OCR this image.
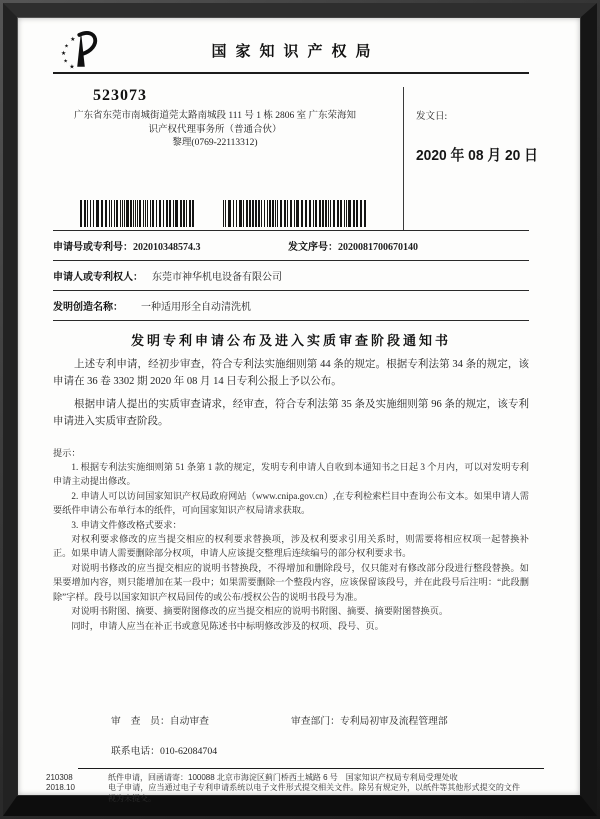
★
★
★
★
★
国家知识产权局
523073
广东省东莞市南城街道莞太路南城段 111 号 1 栋 2806 室 广东荣海知
识产权代理事务所（普通合伙）
黎理(0769-22113312)
发文日:
2020 年 08 月 20 日
申请号或专利号：202010348574.3	发文序号：2020081700670140
申请人或专利权人： 东莞市神华机电设备有限公司
发明创造名称： 一种适用形全自动清洗机
发明专利申请公布及进入实质审查阶段通知书

上述专利申请，经初步审查，符合专利法实施细则第 44 条的规定。根据专利法第 34 条的规定，该申请在 36 卷 3302 期 2020 年 08 月 14 日专利公报上予以公布。

根据申请人提出的实质审查请求，经审查，符合专利法第 35 条及实施细则第 96 条的规定，该专利申请进入实质审查阶段。

提示：

1. 根据专利法实施细则第 51 条第 1 款的规定，发明专利申请人自收到本通知书之日起 3 个月内，可以对发明专利申请主动提出修改。

2. 申请人可以访问国家知识产权局政府网站（www.cnipa.gov.cn）,在专利检索栏目中查询公布文本。如果申请人需要纸件申请公布单行本的纸件，可向国家知识产权局请求获取。

3. 申请文件修改格式要求：

对权利要求修改的应当提交相应的权利要求替换项，涉及权利要求引用关系时，则需要将相应权项一起替换补正。如果申请人需要删除部分权项，申请人应该提交整理后连续编号的部分权利要求书。

对说明书修改的应当提交相应的说明书替换段，不得增加和删除段号，仅只能对有修改部分段进行整段替换。如果要增加内容，则只能增加在某一段中；如果需要删除一个整段内容，应该保留该段号，并在此段号后注明：“此段删除”字样。段号以国家知识产权局回传的或公布/授权公告的说明书段号为准。

对说明书附图、摘要、摘要附图修改的应当提交相应的说明书附图、摘要、摘要附图替换页。

同时，申请人应当在补正书或意见陈述书中标明修改涉及的权项、段号、页。

审　查　员：自动审查	审查部门：专利局初审及流程管理部
联系电话：010-62084704
210308
2018.10

纸件申请，回函请寄：100088 北京市海淀区蓟门桥西土城路 6 号　国家知识产权局专利局受理处收

电子申请，应当通过电子专利申请系统以电子文件形式提交相关文件。除另有规定外，以纸件等其他形式提交的文件视为未提交。
